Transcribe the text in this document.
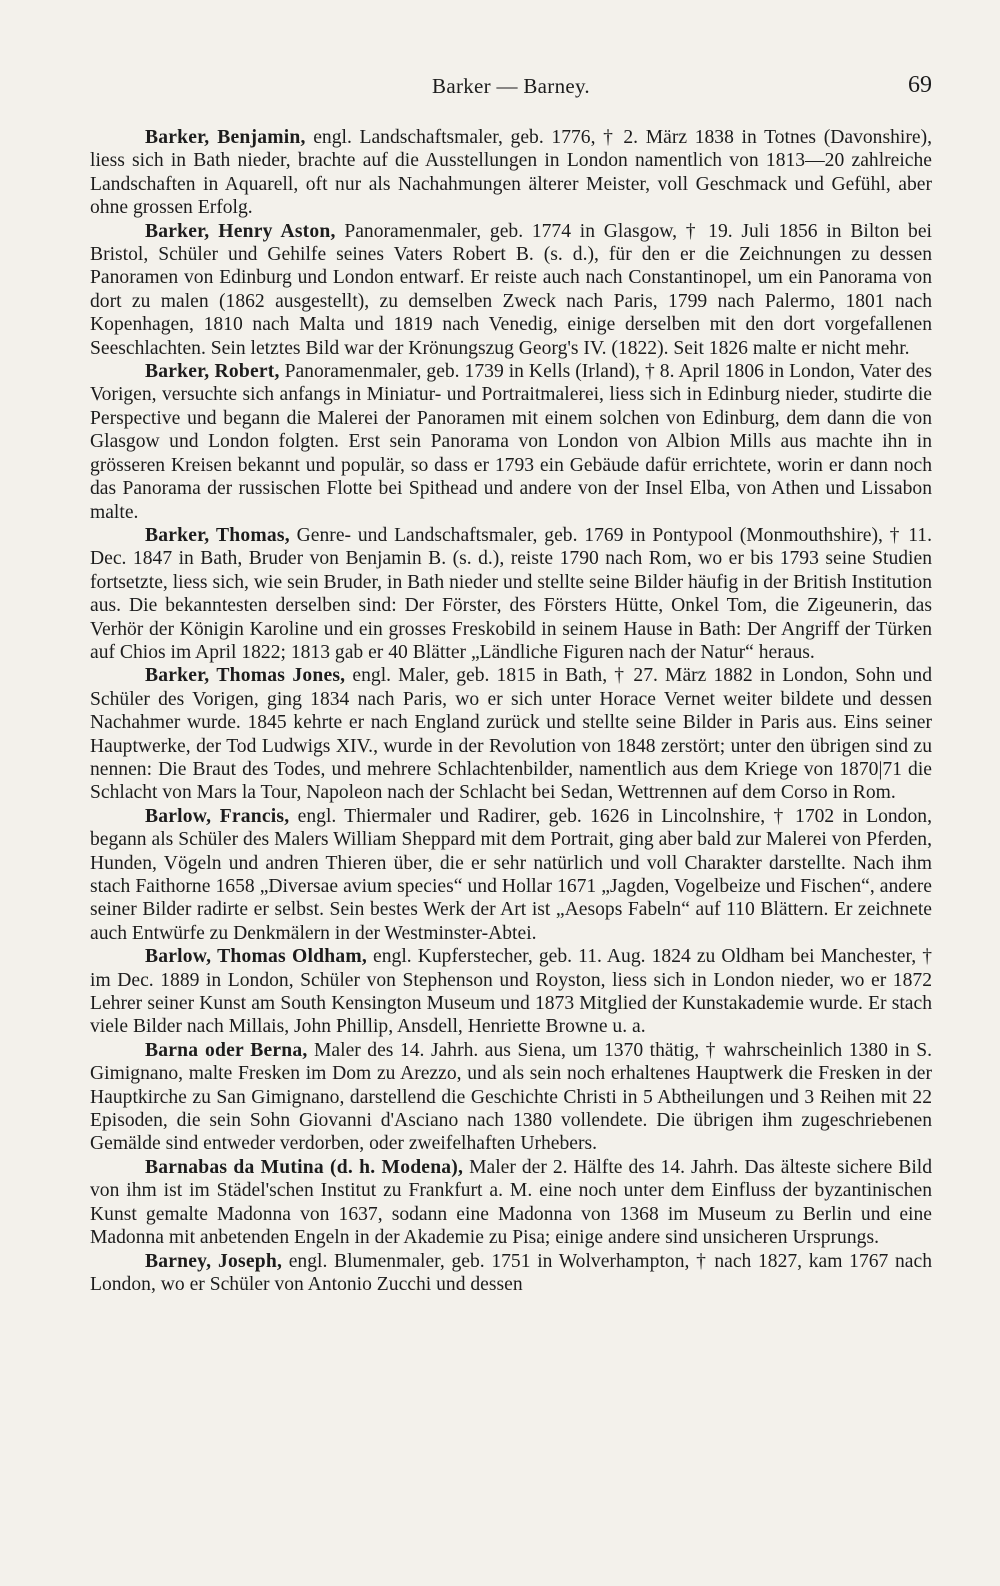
Barker — Barney.	69

Barker, Benjamin, engl. Landschaftsmaler, geb. 1776, † 2. März 1838 in Totnes (Davonshire), liess sich in Bath nieder, brachte auf die Ausstellungen in London namentlich von 1813—20 zahlreiche Landschaften in Aquarell, oft nur als Nachahmungen älterer Meister, voll Geschmack und Gefühl, aber ohne grossen Erfolg.

Barker, Henry Aston, Panoramenmaler, geb. 1774 in Glasgow, † 19. Juli 1856 in Bilton bei Bristol, Schüler und Gehilfe seines Vaters Robert B. (s. d.), für den er die Zeichnungen zu dessen Panoramen von Edinburg und London entwarf. Er reiste auch nach Constantinopel, um ein Panorama von dort zu malen (1862 ausgestellt), zu demselben Zweck nach Paris, 1799 nach Palermo, 1801 nach Kopenhagen, 1810 nach Malta und 1819 nach Venedig, einige derselben mit den dort vorgefallenen Seeschlachten. Sein letztes Bild war der Krönungszug Georg's IV. (1822). Seit 1826 malte er nicht mehr.

Barker, Robert, Panoramenmaler, geb. 1739 in Kells (Irland), † 8. April 1806 in London, Vater des Vorigen, versuchte sich anfangs in Miniatur- und Portraitmalerei, liess sich in Edinburg nieder, studirte die Perspective und begann die Malerei der Panoramen mit einem solchen von Edinburg, dem dann die von Glasgow und London folgten. Erst sein Panorama von London von Albion Mills aus machte ihn in grösseren Kreisen bekannt und populär, so dass er 1793 ein Gebäude dafür errichtete, worin er dann noch das Panorama der russischen Flotte bei Spithead und andere von der Insel Elba, von Athen und Lissabon malte.

Barker, Thomas, Genre- und Landschaftsmaler, geb. 1769 in Pontypool (Monmouthshire), † 11. Dec. 1847 in Bath, Bruder von Benjamin B. (s. d.), reiste 1790 nach Rom, wo er bis 1793 seine Studien fortsetzte, liess sich, wie sein Bruder, in Bath nieder und stellte seine Bilder häufig in der British Institution aus. Die bekanntesten derselben sind: Der Förster, des Försters Hütte, Onkel Tom, die Zigeunerin, das Verhör der Königin Karoline und ein grosses Freskobild in seinem Hause in Bath: Der Angriff der Türken auf Chios im April 1822; 1813 gab er 40 Blätter „Ländliche Figuren nach der Natur“ heraus.

Barker, Thomas Jones, engl. Maler, geb. 1815 in Bath, † 27. März 1882 in London, Sohn und Schüler des Vorigen, ging 1834 nach Paris, wo er sich unter Horace Vernet weiter bildete und dessen Nachahmer wurde. 1845 kehrte er nach England zurück und stellte seine Bilder in Paris aus. Eins seiner Hauptwerke, der Tod Ludwigs XIV., wurde in der Revolution von 1848 zerstört; unter den übrigen sind zu nennen: Die Braut des Todes, und mehrere Schlachtenbilder, namentlich aus dem Kriege von 1870|71 die Schlacht von Mars la Tour, Napoleon nach der Schlacht bei Sedan, Wettrennen auf dem Corso in Rom.

Barlow, Francis, engl. Thiermaler und Radirer, geb. 1626 in Lincolnshire, † 1702 in London, begann als Schüler des Malers William Sheppard mit dem Portrait, ging aber bald zur Malerei von Pferden, Hunden, Vögeln und andren Thieren über, die er sehr natürlich und voll Charakter darstellte. Nach ihm stach Faithorne 1658 „Diversae avium species“ und Hollar 1671 „Jagden, Vogelbeize und Fischen“, andere seiner Bilder radirte er selbst. Sein bestes Werk der Art ist „Aesops Fabeln“ auf 110 Blättern. Er zeichnete auch Entwürfe zu Denkmälern in der Westminster-Abtei.

Barlow, Thomas Oldham, engl. Kupferstecher, geb. 11. Aug. 1824 zu Oldham bei Manchester, † im Dec. 1889 in London, Schüler von Stephenson und Royston, liess sich in London nieder, wo er 1872 Lehrer seiner Kunst am South Kensington Museum und 1873 Mitglied der Kunstakademie wurde. Er stach viele Bilder nach Millais, John Phillip, Ansdell, Henriette Browne u. a.

Barna oder Berna, Maler des 14. Jahrh. aus Siena, um 1370 thätig, † wahrscheinlich 1380 in S. Gimignano, malte Fresken im Dom zu Arezzo, und als sein noch erhaltenes Hauptwerk die Fresken in der Hauptkirche zu San Gimignano, darstellend die Geschichte Christi in 5 Abtheilungen und 3 Reihen mit 22 Episoden, die sein Sohn Giovanni d'Asciano nach 1380 vollendete. Die übrigen ihm zugeschriebenen Gemälde sind entweder verdorben, oder zweifelhaften Urhebers.

Barnabas da Mutina (d. h. Modena), Maler der 2. Hälfte des 14. Jahrh. Das älteste sichere Bild von ihm ist im Städel'schen Institut zu Frankfurt a. M. eine noch unter dem Einfluss der byzantinischen Kunst gemalte Madonna von 1637, sodann eine Madonna von 1368 im Museum zu Berlin und eine Madonna mit anbetenden Engeln in der Akademie zu Pisa; einige andere sind unsicheren Ursprungs.

Barney, Joseph, engl. Blumenmaler, geb. 1751 in Wolverhampton, † nach 1827, kam 1767 nach London, wo er Schüler von Antonio Zucchi und dessen
